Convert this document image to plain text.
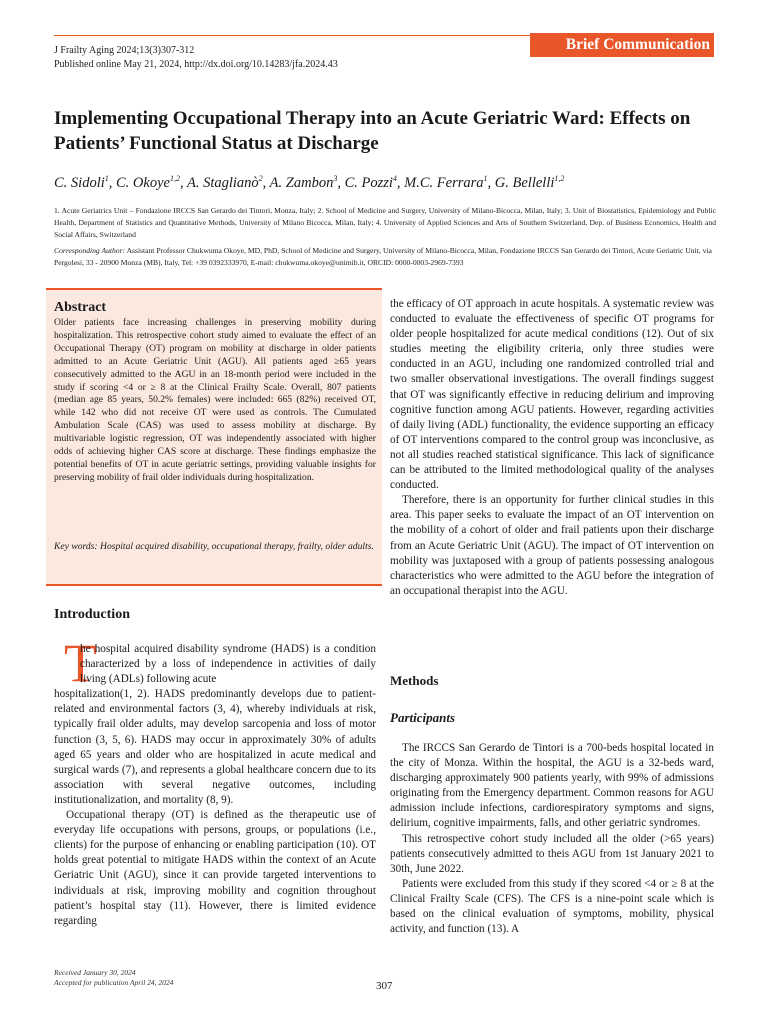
Brief Communication
J Frailty Aging 2024;13(3)307-312
Published online May 21, 2024, http://dx.doi.org/10.14283/jfa.2024.43
Implementing Occupational Therapy into an Acute Geriatric Ward: Effects on Patients’ Functional Status at Discharge
C. Sidoli$^1$, C. Okoye$^{1,2}$, A. Staglianò$^2$, A. Zambon$^3$, C. Pozzi$^4$, M.C. Ferrara$^1$, G. Bellelli$^{1,2}$
1. Acute Geriatrics Unit – Fondazione IRCCS San Gerardo dei Tintori, Monza, Italy; 2. School of Medicine and Surgery, University of Milano-Bicocca, Milan, Italy; 3. Unit of Biostatistics, Epidemiology and Public Health, Department of Statistics and Quantitative Methods, University of Milano Bicocca, Milan, Italy; 4. University of Applied Sciences and Arts of Southern Switzerland, Dep. of Business Economics, Health and Social Affairs, Switzerland
Corresponding Author: Assistant Professor Chukwuma Okoye, MD, PhD, School of Medicine and Surgery, University of Milano-Bicocca, Milan, Fondazione IRCCS San Gerardo dei Tintori, Acute Geriatric Unit, via Pergolesi, 33 - 20900 Monza (MB), Italy, Tel: +39 0392333970, E-mail: chukwuma.okoye@unimib.it, ORCID: 0000-0003-2969-7393
Abstract
Older patients face increasing challenges in preserving mobility during hospitalization. This retrospective cohort study aimed to evaluate the effect of an Occupational Therapy (OT) program on mobility at discharge in older patients admitted to an Acute Geriatric Unit (AGU). All patients aged ≥65 years consecutively admitted to the AGU in an 18-month period were included in the study if scoring <4 or ≥ 8 at the Clinical Frailty Scale. Overall, 807 patients (median age 85 years, 50.2% females) were included: 665 (82%) received OT, while 142 who did not receive OT were used as controls. The Cumulated Ambulation Scale (CAS) was used to assess mobility at discharge. By multivariable logistic regression, OT was independently associated with higher odds of achieving higher CAS score at discharge. These findings emphasize the potential benefits of OT in acute geriatric settings, providing valuable insights for preserving mobility of frail older individuals during hospitalization.
Key words: Hospital acquired disability, occupational therapy, frailty, older adults.
Introduction
T
he hospital acquired disability syndrome (HADS) is a condition characterized by a loss of independence in activities of daily living (ADLs) following acute
hospitalization(1, 2). HADS predominantly develops due to patient-related and environmental factors (3, 4), whereby individuals at risk, typically frail older adults, may develop sarcopenia and loss of motor function (3, 5, 6). HADS may occur in approximately 30% of adults aged 65 years and older who are hospitalized in acute medical and surgical wards (7), and represents a global healthcare concern due to its association with several negative outcomes, including institutionalization, and mortality (8, 9).
Occupational therapy (OT) is defined as the therapeutic use of everyday life occupations with persons, groups, or populations (i.e., clients) for the purpose of enhancing or enabling participation (10). OT holds great potential to mitigate HADS within the context of an Acute Geriatric Unit (AGU), since it can provide targeted interventions to individuals at risk, improving mobility and cognition throughout patient’s hospital stay (11). However, there is limited evidence regarding
the efficacy of OT approach in acute hospitals. A systematic review was conducted to evaluate the effectiveness of specific OT programs for older people hospitalized for acute medical conditions (12). Out of six studies meeting the eligibility criteria, only three studies were conducted in an AGU, including one randomized controlled trial and two smaller observational investigations. The overall findings suggest that OT was significantly effective in reducing delirium and improving cognitive function among AGU patients. However, regarding activities of daily living (ADL) functionality, the evidence supporting an efficacy of OT interventions compared to the control group was inconclusive, as not all studies reached statistical significance. This lack of significance can be attributed to the limited methodological quality of the analyses conducted.
Therefore, there is an opportunity for further clinical studies in this area. This paper seeks to evaluate the impact of an OT intervention on the mobility of a cohort of older and frail patients upon their discharge from an Acute Geriatric Unit (AGU). The impact of OT intervention on mobility was juxtaposed with a group of patients possessing analogous characteristics who were admitted to the AGU before the integration of an occupational therapist into the AGU.
Methods
Participants
The IRCCS San Gerardo de Tintori is a 700-beds hospital located in the city of Monza. Within the hospital, the AGU is a 32-beds ward, discharging approximately 900 patients yearly, with 99% of admissions originating from the Emergency department. Common reasons for AGU admission include infections, cardiorespiratory symptoms and signs, delirium, cognitive impairments, falls, and other geriatric syndromes.
This retrospective cohort study included all the older (>65 years) patients consecutively admitted to theis AGU from 1st January 2021 to 30th, June 2022.
Patients were excluded from this study if they scored <4 or ≥ 8 at the Clinical Frailty Scale (CFS). The CFS is a nine-point scale which is based on the clinical evaluation of symptoms, mobility, physical activity, and function (13). A
Received January 30, 2024
Accepted for publication April 24, 2024	307
